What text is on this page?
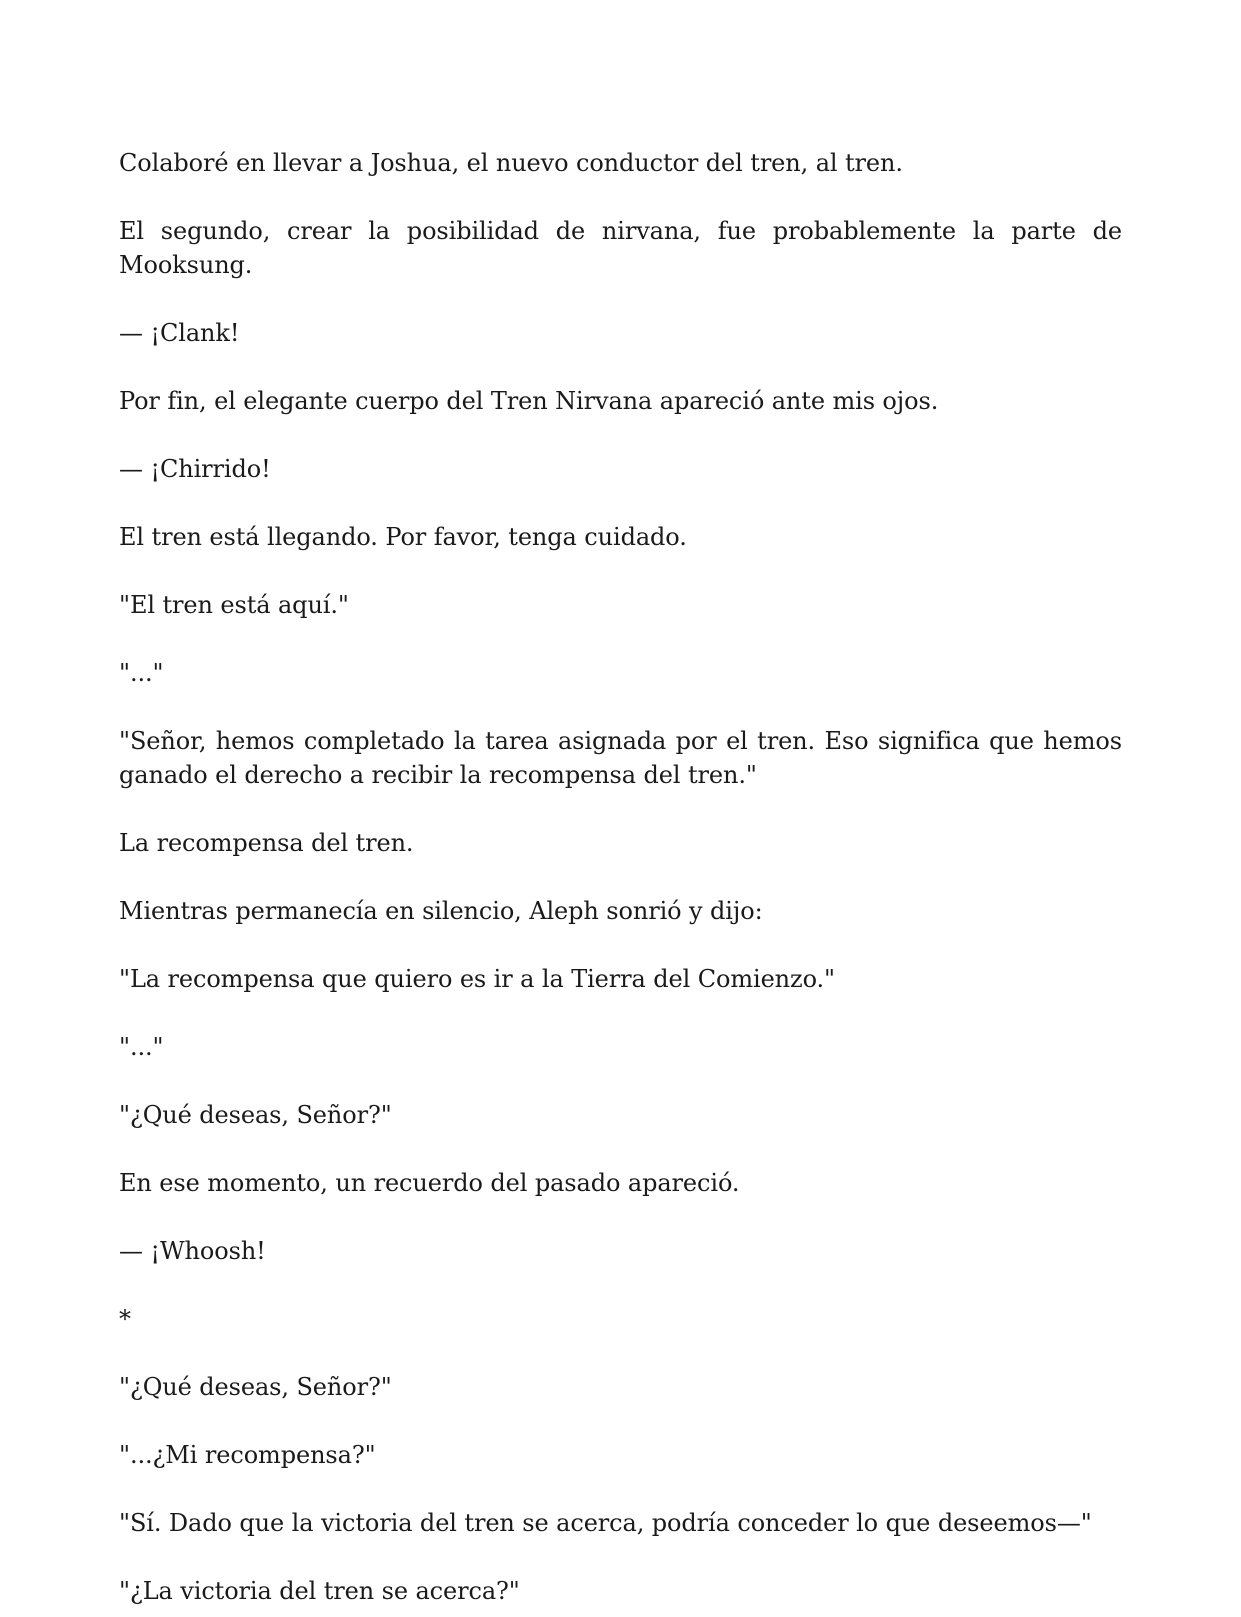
Colaboré en llevar a Joshua, el nuevo conductor del tren, al tren.

El segundo, crear la posibilidad de nirvana, fue probablemente la parte de Mooksung.

— ¡Clank!

Por fin, el elegante cuerpo del Tren Nirvana apareció ante mis ojos.

— ¡Chirrido!

El tren está llegando. Por favor, tenga cuidado.

"El tren está aquí."

"..."

"Señor, hemos completado la tarea asignada por el tren. Eso significa que hemos ganado el derecho a recibir la recompensa del tren."

La recompensa del tren.

Mientras permanecía en silencio, Aleph sonrió y dijo:

"La recompensa que quiero es ir a la Tierra del Comienzo."

"..."

"¿Qué deseas, Señor?"

En ese momento, un recuerdo del pasado apareció.

— ¡Whoosh!

*

"¿Qué deseas, Señor?"

"...¿Mi recompensa?"

"Sí. Dado que la victoria del tren se acerca, podría conceder lo que deseemos—"

"¿La victoria del tren se acerca?"
